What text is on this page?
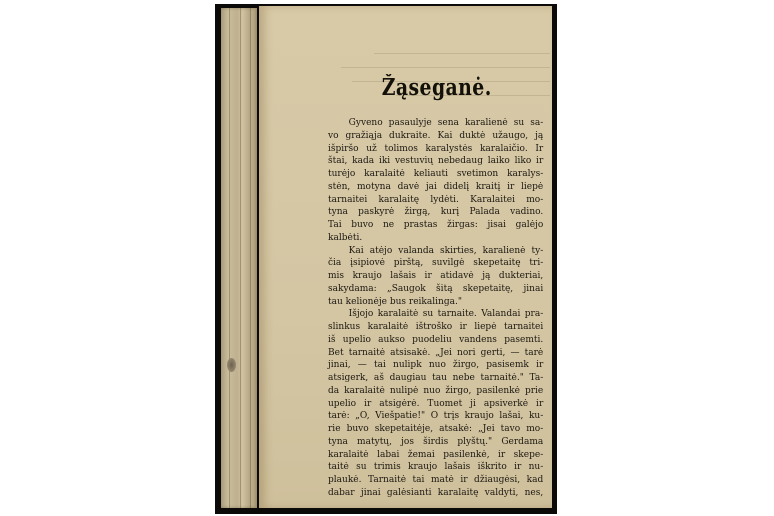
Žąseganė.
Gyveno pasaulyje sena karalienė su sa-
vo gražiąja dukraite. Kai duktė užaugo, ją
išpiršo už tolimos karalystės karalaičio. Ir
štai, kada iki vestuvių nebedaug laiko liko ir
turėjo karalaitė keliauti svetimon karalys-
stėn, motyna davė jai didelį kraitį ir liepė
tarnaitei karalaitę lydėti. Karalaitei mo-
tyna paskyrė žirgą, kurį Palada vadino.
Tai buvo ne prastas žirgas: jisai galėjo
kalbėti.
Kai atėjo valanda skirties, karalienė ty-
čia įsipiovė pirštą, suvilgė skepetaitę tri-
mis kraujo lašais ir atidavė ją dukteriai,
sakydama: „Saugok šitą skepetaitę, jinai
tau kelionėje bus reikalinga."
Išjojo karalaitė su tarnaite. Valandai pra-
slinkus karalaitė ištroško ir liepė tarnaitei
iš upelio aukso puodeliu vandens pasemti.
Bet tarnaitė atsisakė. „Jei nori gerti, — tarė
jinai, — tai nulipk nuo žirgo, pasisemk ir
atsigerk, aš daugiau tau nebe tarnaitė." Ta-
da karalaitė nulipė nuo žirgo, pasilenkė prie
upelio ir atsigėrė. Tuomet ji apsiverkė ir
tarė: „O, Viešpatie!" O trįs kraujo lašai, ku-
rie buvo skepetaitėje, atsakė: „Jei tavo mo-
tyna matytų, jos širdis plyštų." Gerdama
karalaitė labai žemai pasilenkė, ir skepe-
taitė su trimis kraujo lašais iškrito ir nu-
plaukė. Tarnaitė tai matė ir džiaugėsi, kad
dabar jinai galėsianti karalaitę valdyti, nes,
